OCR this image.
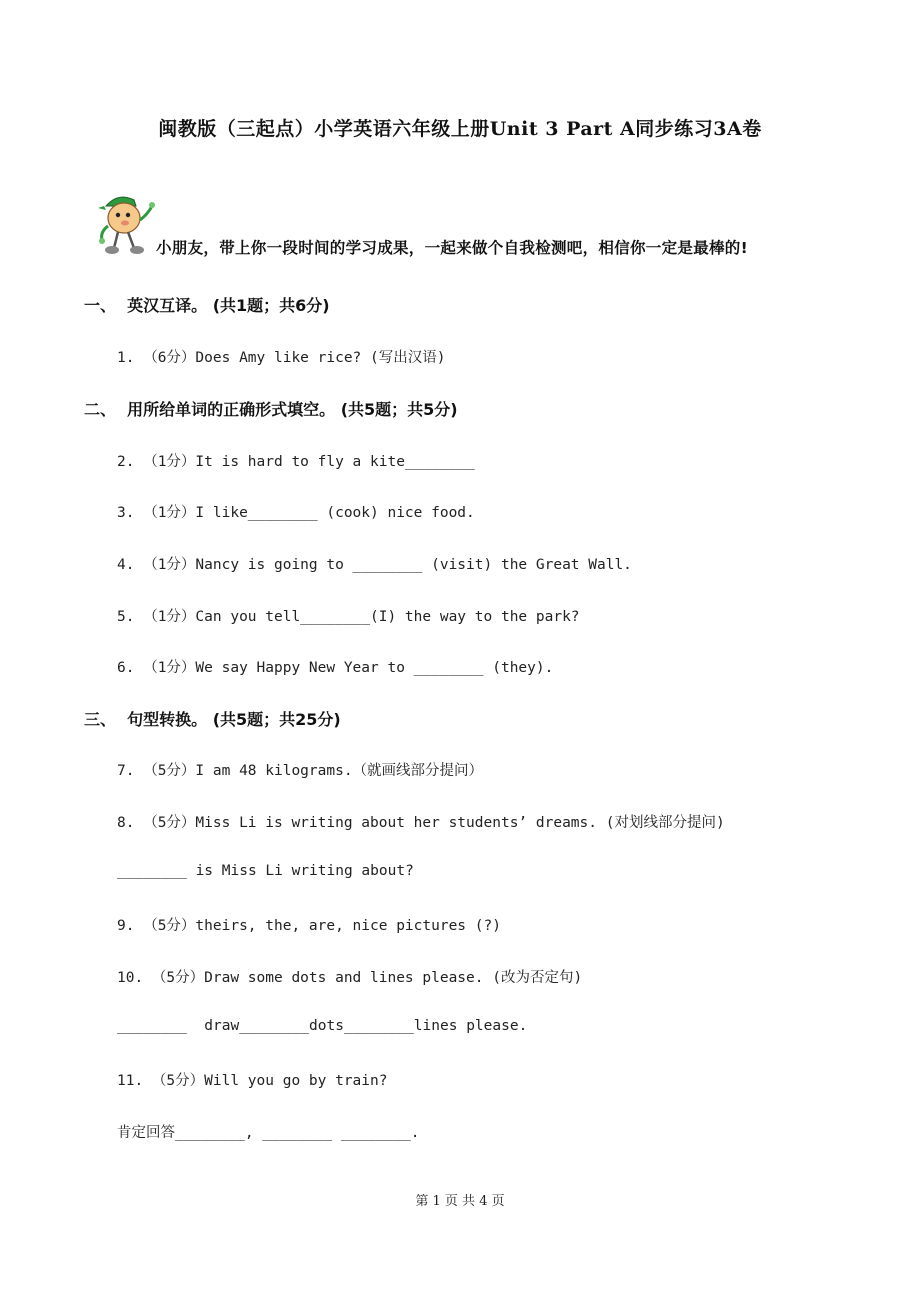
闽教版（三起点）小学英语六年级上册Unit 3 Part A同步练习3A卷
小朋友，带上你一段时间的学习成果，一起来做个自我检测吧，相信你一定是最棒的!
一、  英汉互译。 (共1题；共6分)
1. （6分）Does Amy like rice? (写出汉语)
二、  用所给单词的正确形式填空。 (共5题；共5分)
2. （1分）It is hard to fly a kite________
3. （1分）I like________ (cook) nice food.
4. （1分）Nancy is going to ________ (visit) the Great Wall.
5. （1分）Can you tell________(I) the way to the park?
6. （1分）We say Happy New Year to ________ (they).
三、  句型转换。 (共5题；共25分)
7. （5分）I am 48 kilograms.（就画线部分提问）
8. （5分）Miss Li is writing about her students’ dreams. (对划线部分提问)
________ is Miss Li writing about?
9. （5分）theirs, the, are, nice pictures (?)
10. （5分）Draw some dots and lines please. (改为否定句)
________  draw________dots________lines please.
11. （5分）Will you go by train?
肯定回答________, ________ ________.
第 1 页 共 4 页
